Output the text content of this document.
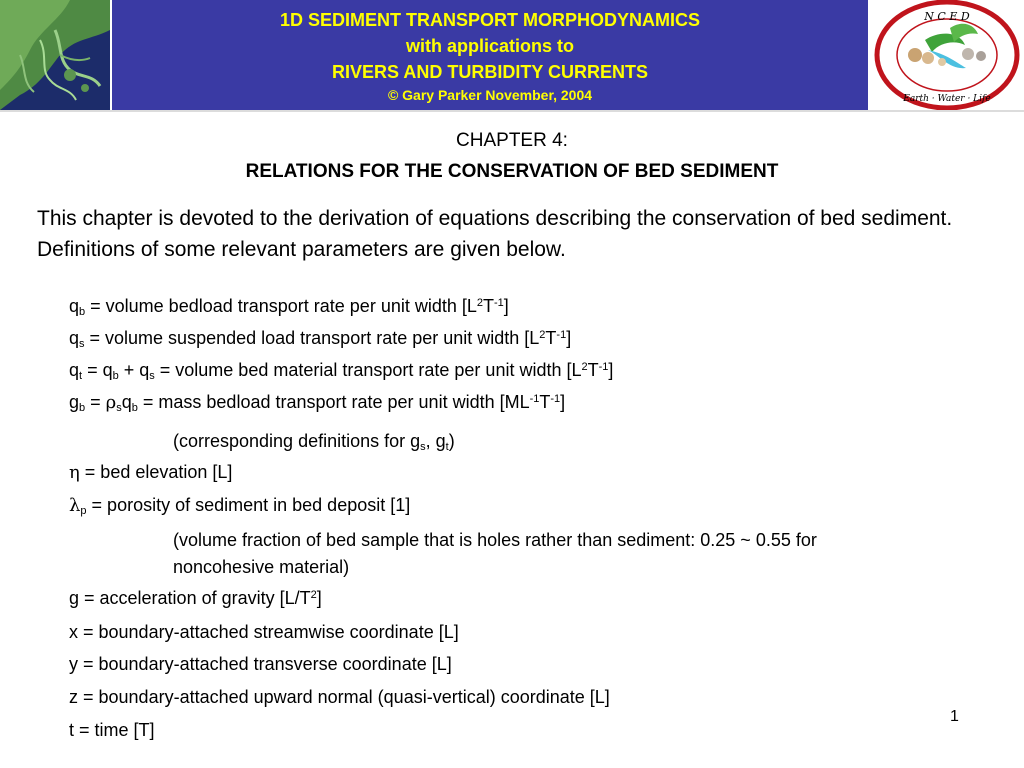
1D SEDIMENT TRANSPORT MORPHODYNAMICS
with applications to
RIVERS AND TURBIDITY CURRENTS
© Gary Parker November, 2004
N C E D
Earth · Water · Life
CHAPTER 4:
RELATIONS FOR THE CONSERVATION OF BED SEDIMENT
This chapter is devoted to the derivation of equations describing the conservation of bed sediment. Definitions of some relevant parameters are given below.
$q_b$ = volume bedload transport rate per unit width $[L^2T^{-1}]$
$q_s$ = volume suspended load transport rate per unit width $[L^2T^{-1}]$
$q_t = q_b + q_s$ = volume bed material transport rate per unit width $[L^2T^{-1}]$
$g_b = \rho_sq_b$ = mass bedload transport rate per unit width $[ML^{-1}T^{-1}]$
(corresponding definitions for $g_s$, $g_t$)
η = bed elevation [L]
$\lambda_p$ = porosity of sediment in bed deposit [1]
(volume fraction of bed sample that is holes rather than sediment: 0.25 ~ 0.55 for noncohesive material)
g = acceleration of gravity $[L/T^2]$
x = boundary-attached streamwise coordinate [L]
y = boundary-attached transverse coordinate [L]
z = boundary-attached upward normal (quasi-vertical) coordinate [L]
t = time [T]
1
